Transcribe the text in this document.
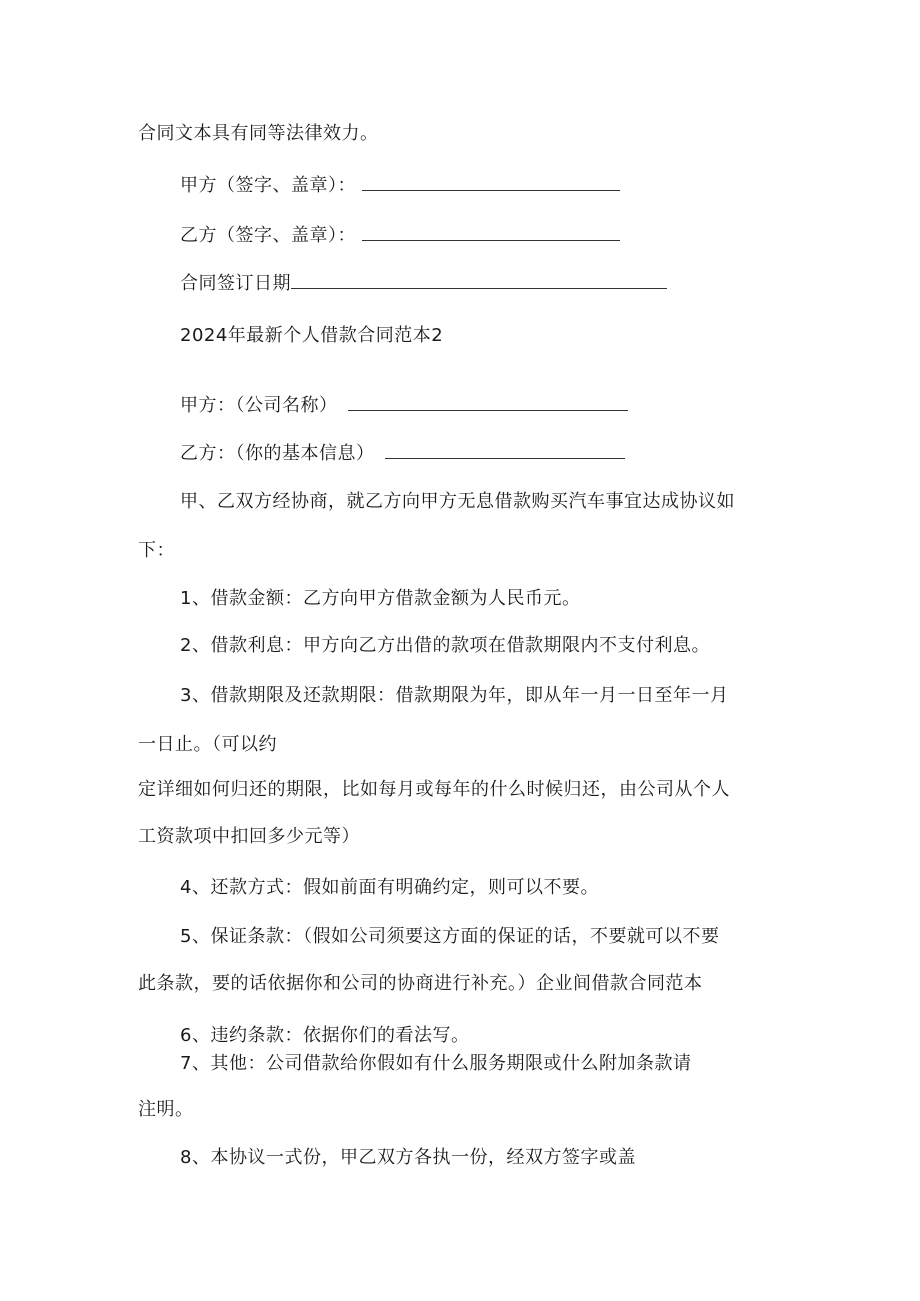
合同文本具有同等法律效力。
甲方（签字、盖章）：
乙方（签字、盖章）：
合同签订日期
2024年最新个人借款合同范本2
甲方：（公司名称）
乙方：（你的基本信息）
甲、乙双方经协商，就乙方向甲方无息借款购买汽车事宜达成协议如
下：
1、借款金额：乙方向甲方借款金额为人民币元。
2、借款利息：甲方向乙方出借的款项在借款期限内不支付利息。
3、借款期限及还款期限：借款期限为年，即从年一月一日至年一月
一日止。（可以约
定详细如何归还的期限，比如每月或每年的什么时候归还，由公司从个人
工资款项中扣回多少元等）
4、还款方式：假如前面有明确约定，则可以不要。
5、保证条款：（假如公司须要这方面的保证的话，不要就可以不要
此条款，要的话依据你和公司的协商进行补充。）企业间借款合同范本
6、违约条款：依据你们的看法写。
7、其他：公司借款给你假如有什么服务期限或什么附加条款请
注明。
8、本协议一式份，甲乙双方各执一份，经双方签字或盖
